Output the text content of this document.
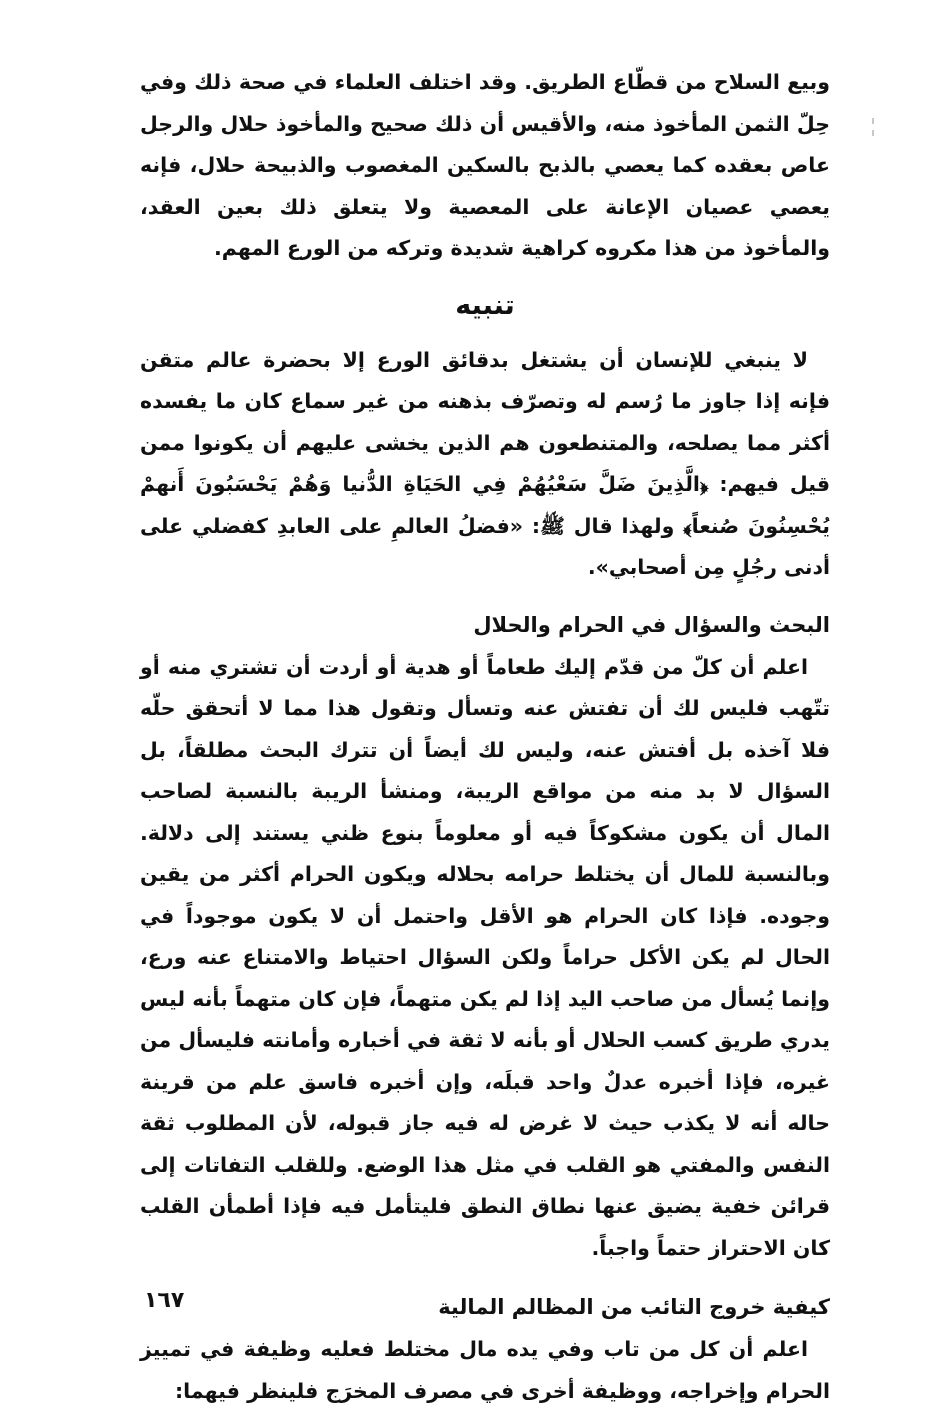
وبيع السلاح من قطّاع الطريق. وقد اختلف العلماء في صحة ذلك وفي حِلّ الثمن المأخوذ منه، والأقيس أن ذلك صحيح والمأخوذ حلال والرجل عاص بعقده كما يعصي بالذبح بالسكين المغصوب والذبيحة حلال، فإنه يعصي عصيان الإعانة على المعصية ولا يتعلق ذلك بعين العقد، والمأخوذ من هذا مكروه كراهية شديدة وتركه من الورع المهم.

تنبيه

لا ينبغي للإنسان أن يشتغل بدقائق الورع إلا بحضرة عالم متقن فإنه إذا جاوز ما رُسم له وتصرّف بذهنه من غير سماع كان ما يفسده أكثر مما يصلحه، والمتنطعون هم الذين يخشى عليهم أن يكونوا ممن قيل فيهم: ﴿الَّذِينَ ضَلَّ سَعْيُهُمْ فِي الحَيَاةِ الدُّنيا وَهُمْ يَحْسَبُونَ أَنهمْ يُحْسِنُونَ صُنعاً﴾ ولهذا قال ﷺ: «فضلُ العالمِ على العابدِ كفضلي على أدنى رجُلٍ مِن أصحابي».

البحث والسؤال في الحرام والحلال

اعلم أن كلّ من قدّم إليك طعاماً أو هدية أو أردت أن تشتري منه أو تتّهب فليس لك أن تفتش عنه وتسأل وتقول هذا مما لا أتحقق حلّه فلا آخذه بل أفتش عنه، وليس لك أيضاً أن تترك البحث مطلقاً، بل السؤال لا بد منه من مواقع الريبة، ومنشأ الريبة بالنسبة لصاحب المال أن يكون مشكوكاً فيه أو معلوماً بنوع ظني يستند إلى دلالة. وبالنسبة للمال أن يختلط حرامه بحلاله ويكون الحرام أكثر من يقين وجوده. فإذا كان الحرام هو الأقل واحتمل أن لا يكون موجوداً في الحال لم يكن الأكل حراماً ولكن السؤال احتياط والامتناع عنه ورع، وإنما يُسأل من صاحب اليد إذا لم يكن متهماً، فإن كان متهماً بأنه ليس يدري طريق كسب الحلال أو بأنه لا ثقة في أخباره وأمانته فليسأل من غيره، فإذا أخبره عدلٌ واحد قبلَه، وإن أخبره فاسق علم من قرينة حاله أنه لا يكذب حيث لا غرض له فيه جاز قبوله، لأن المطلوب ثقة النفس والمفتي هو القلب في مثل هذا الوضع. وللقلب التفاتات إلى قرائن خفية يضيق عنها نطاق النطق فليتأمل فيه فإذا أطمأن القلب كان الاحتراز حتماً واجباً.

كيفية خروج التائب من المظالم المالية

اعلم أن كل من تاب وفي يده مال مختلط فعليه وظيفة في تمييز الحرام وإخراجه، ووظيفة أخرى في مصرف المخرَج فلينظر فيهما:

١٦٧
